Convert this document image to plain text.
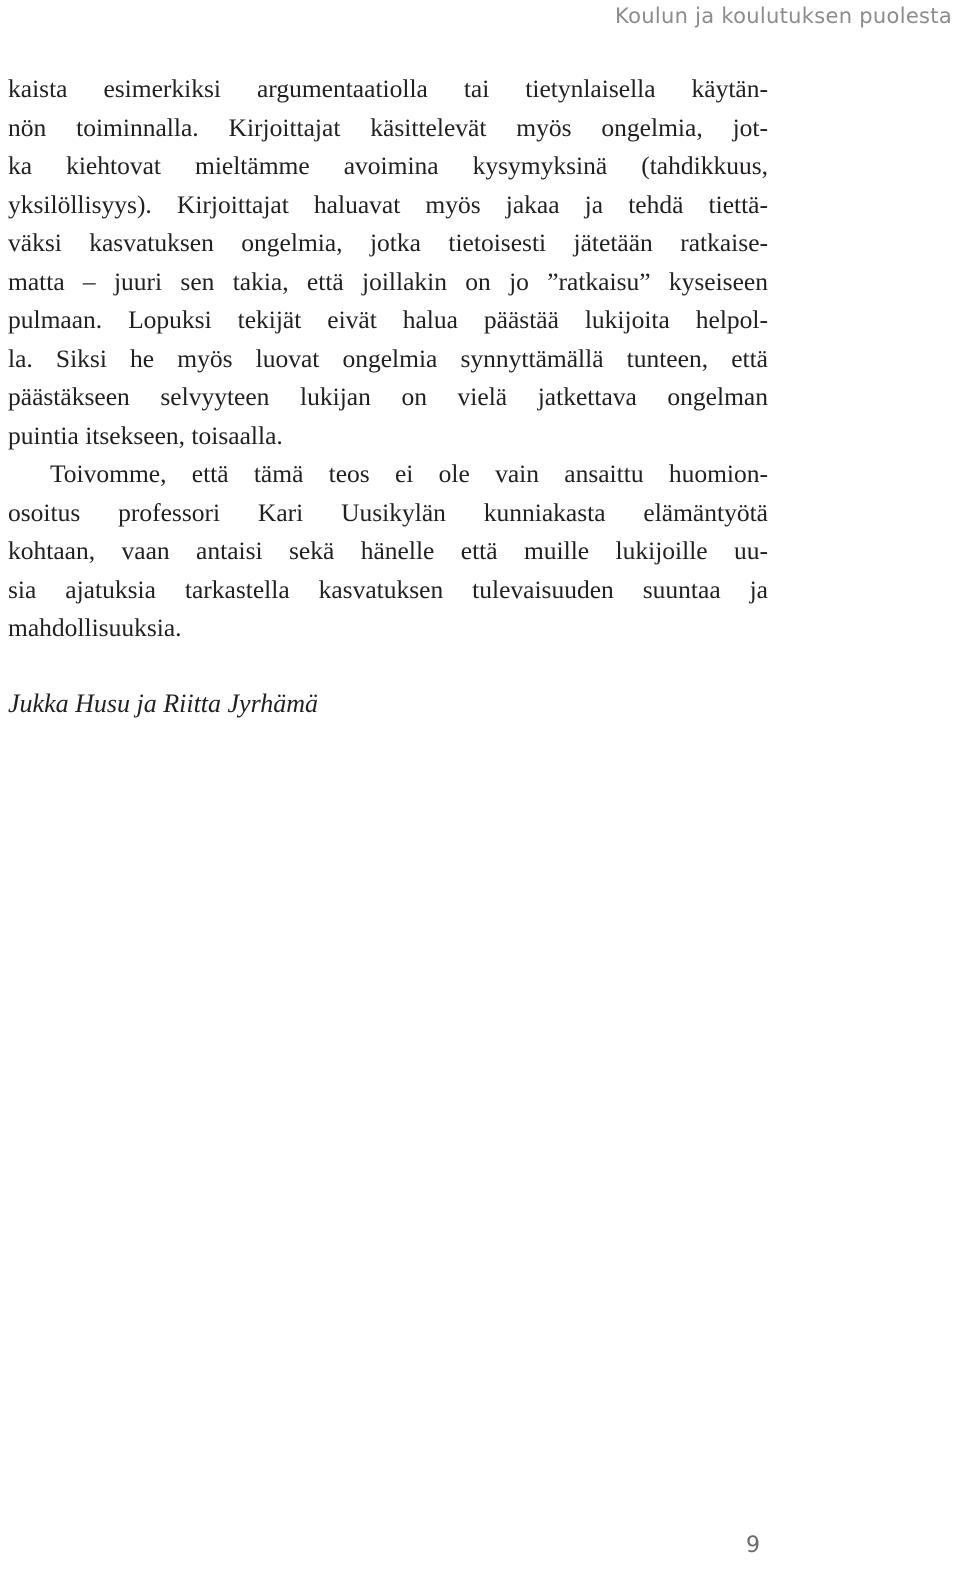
Koulun ja koulutuksen puolesta
kaista esimerkiksi argumentaatiolla tai tietynlaisella käytän-
nön toiminnalla. Kirjoittajat käsittelevät myös ongelmia, jot-
ka kiehtovat mieltämme avoimina kysymyksinä (tahdikkuus,
yksilöllisyys). Kirjoittajat haluavat myös jakaa ja tehdä tiettä-
väksi kasvatuksen ongelmia, jotka tietoisesti jätetään ratkaise-
matta – juuri sen takia, että joillakin on jo ”ratkaisu” kyseiseen
pulmaan. Lopuksi tekijät eivät halua päästää lukijoita helpol-
la. Siksi he myös luovat ongelmia synnyttämällä tunteen, että
päästäkseen selvyyteen lukijan on vielä jatkettava ongelman
puintia itsekseen, toisaalla.
Toivomme, että tämä teos ei ole vain ansaittu huomion-
osoitus professori Kari Uusikylän kunniakasta elämäntyötä
kohtaan, vaan antaisi sekä hänelle että muille lukijoille uu-
sia ajatuksia tarkastella kasvatuksen tulevaisuuden suuntaa ja
mahdollisuuksia.
Jukka Husu ja Riitta Jyrhämä
9
